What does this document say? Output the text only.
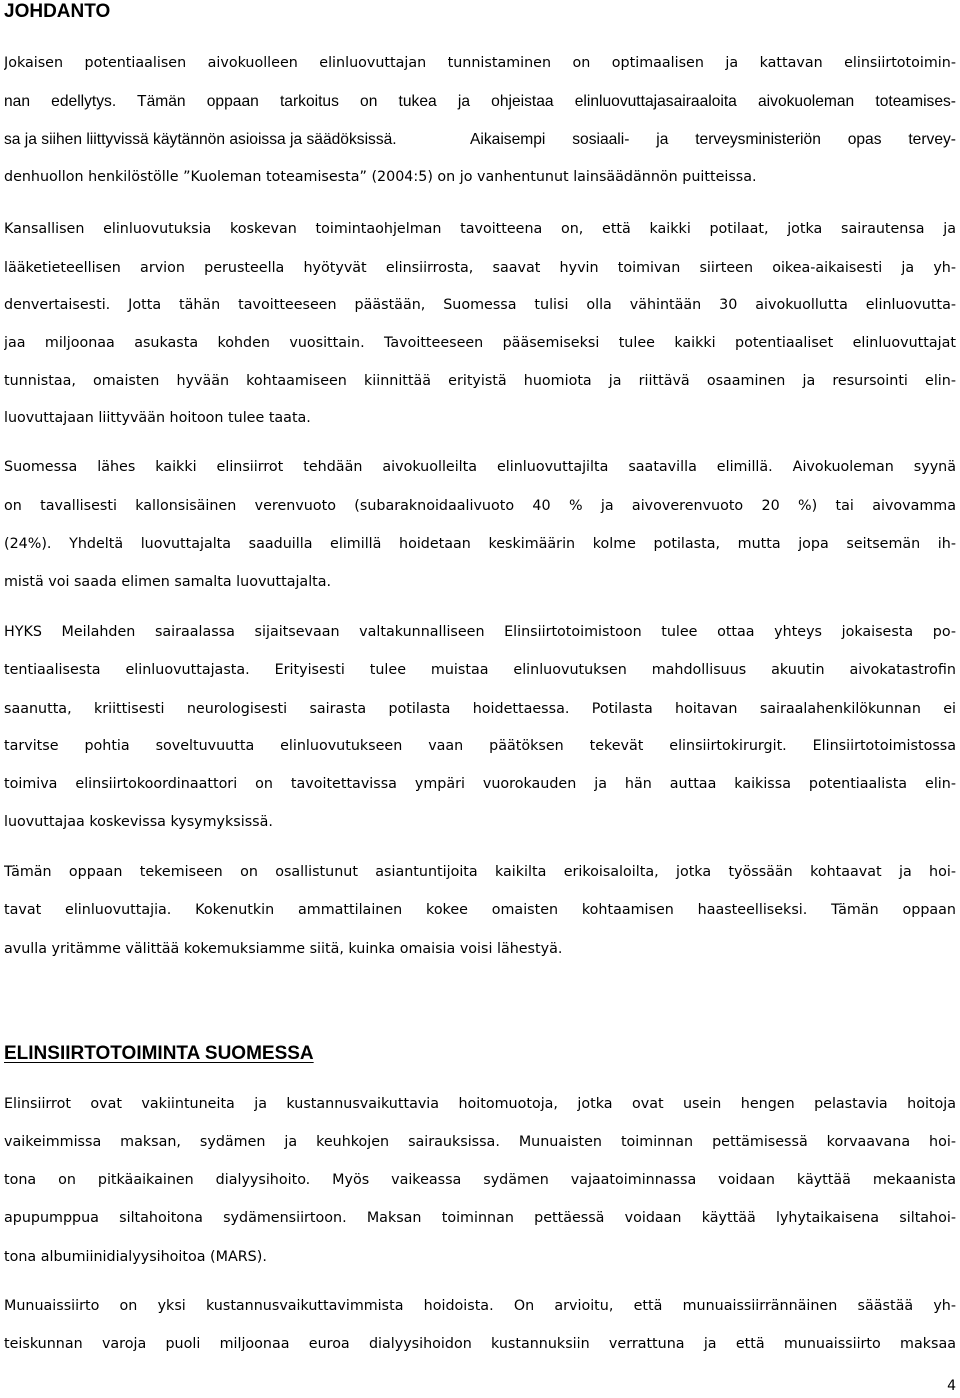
JOHDANTO

Jokaisen potentiaalisen aivokuolleen elinluovuttajan tunnistaminen on optimaalisen ja kattavan elinsiirtotoimin-

nan edellytys. Tämän oppaan tarkoitus on tukea ja ohjeistaa elinluovuttajasairaaloita aivokuoleman toteamises-

sa ja siihen liittyvissä käytännön asioissa ja säädöksissä.	Aikaisempi sosiaali- ja terveysministeriön opas tervey-

denhuollon henkilöstölle ”Kuoleman toteamisesta” (2004:5) on jo vanhentunut lainsäädännön puitteissa.

Kansallisen elinluovutuksia koskevan toimintaohjelman tavoitteena on, että kaikki potilaat, jotka sairautensa ja

lääketieteellisen arvion perusteella hyötyvät elinsiirrosta, saavat hyvin toimivan siirteen oikea-aikaisesti ja yh-

denvertaisesti. Jotta tähän tavoitteeseen päästään, Suomessa tulisi olla vähintään 30 aivokuollutta elinluovutta-

jaa miljoonaa asukasta kohden vuosittain. Tavoitteeseen pääsemiseksi tulee kaikki potentiaaliset elinluovuttajat

tunnistaa, omaisten hyvään kohtaamiseen kiinnittää erityistä huomiota ja riittävä osaaminen ja resursointi elin-

luovuttajaan liittyvään hoitoon tulee taata.

Suomessa lähes kaikki elinsiirrot tehdään aivokuolleilta elinluovuttajilta saatavilla elimillä. Aivokuoleman syynä

on tavallisesti kallonsisäinen verenvuoto (subaraknoidaalivuoto 40 % ja aivoverenvuoto 20 %) tai aivovamma

(24%). Yhdeltä luovuttajalta saaduilla elimillä hoidetaan keskimäärin kolme potilasta, mutta jopa seitsemän ih-

mistä voi saada elimen samalta luovuttajalta.

HYKS Meilahden sairaalassa sijaitsevaan valtakunnalliseen Elinsiirtotoimistoon tulee ottaa yhteys jokaisesta po-

tentiaalisesta elinluovuttajasta. Erityisesti tulee muistaa elinluovutuksen mahdollisuus akuutin aivokatastrofin

saanutta, kriittisesti neurologisesti sairasta potilasta hoidettaessa. Potilasta hoitavan sairaalahenkilökunnan ei

tarvitse pohtia soveltuvuutta elinluovutukseen vaan päätöksen tekevät elinsiirtokirurgit. Elinsiirtotoimistossa

toimiva elinsiirtokoordinaattori on tavoitettavissa ympäri vuorokauden ja hän auttaa kaikissa potentiaalista elin-

luovuttajaa koskevissa kysymyksissä.

Tämän oppaan tekemiseen on osallistunut asiantuntijoita kaikilta erikoisaloilta, jotka työssään kohtaavat ja hoi-

tavat elinluovuttajia. Kokenutkin ammattilainen kokee omaisten kohtaamisen haasteelliseksi. Tämän oppaan

avulla yritämme välittää kokemuksiamme siitä, kuinka omaisia voisi lähestyä.

ELINSIIRTOTOIMINTA SUOMESSA

Elinsiirrot ovat vakiintuneita ja kustannusvaikuttavia hoitomuotoja, jotka ovat usein hengen pelastavia hoitoja

vaikeimmissa maksan, sydämen ja keuhkojen sairauksissa. Munuaisten toiminnan pettämisessä korvaavana hoi-

tona on pitkäaikainen dialyysihoito. Myös vaikeassa sydämen vajaatoiminnassa voidaan käyttää mekaanista

apupumppua siltahoitona sydämensiirtoon. Maksan toiminnan pettäessä voidaan käyttää lyhytaikaisena siltahoi-

tona albumiinidialyysihoitoa (MARS).

Munuaissiirto on yksi kustannusvaikuttavimmista hoidoista. On arvioitu, että munuaissiirrännäinen säästää yh-

teiskunnan varoja puoli miljoonaa euroa dialyysihoidon kustannuksiin verrattuna ja että munuaissiirto maksaa

4
